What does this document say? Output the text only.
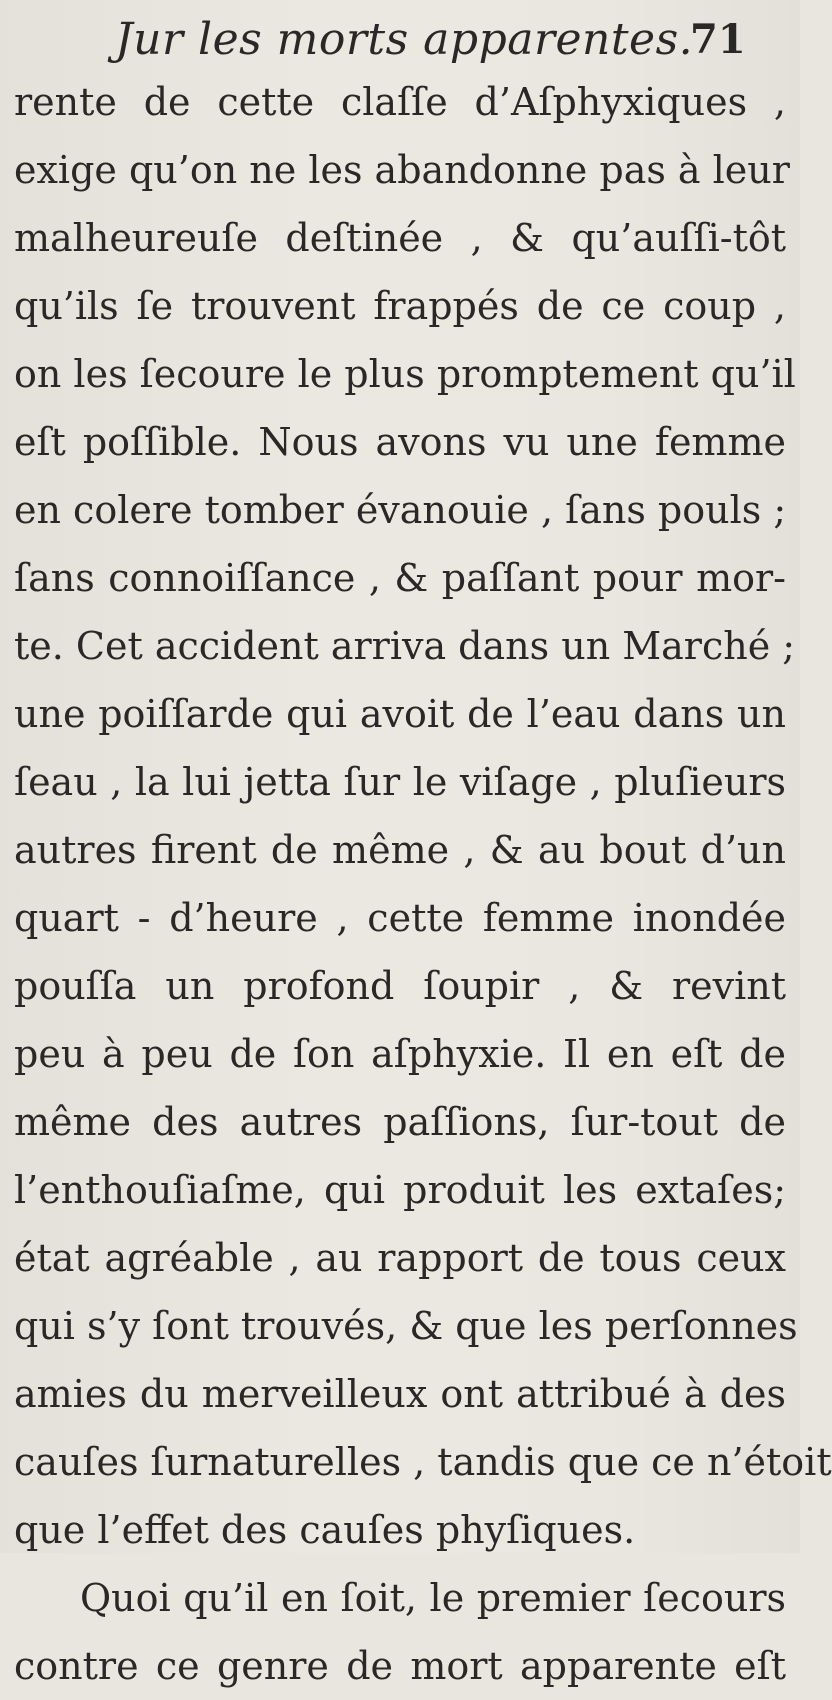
Jur les morts apparentes.
71
rente de cette claſſe d’Aſphyxiques ,
exige qu’on ne les abandonne pas à leur
malheureuſe deſtinée , & qu’auſſi-tôt
qu’ils ſe trouvent frappés de ce coup ,
on les ſecoure le plus promptement qu’il
eſt poſſible. Nous avons vu une femme
en colere tomber évanouie , ſans pouls ;
ſans connoiſſance , & paſſant pour mor-
te. Cet accident arriva dans un Marché ;
une poiſſarde qui avoit de l’eau dans un
ſeau , la lui jetta ſur le viſage , pluſieurs
autres firent de même , & au bout d’un
quart - d’heure , cette femme inondée
pouſſa un profond ſoupir , & revint
peu à peu de ſon aſphyxie. Il en eſt de
même des autres paſſions, ſur-tout de
l’enthouſiaſme, qui produit les extaſes;
état agréable , au rapport de tous ceux
qui s’y ſont trouvés, & que les perſonnes
amies du merveilleux ont attribué à des
cauſes ſurnaturelles , tandis que ce n’étoit
que l’effet des cauſes phyſiques.
Quoi qu’il en ſoit, le premier ſecours
contre ce genre de mort apparente eſt
